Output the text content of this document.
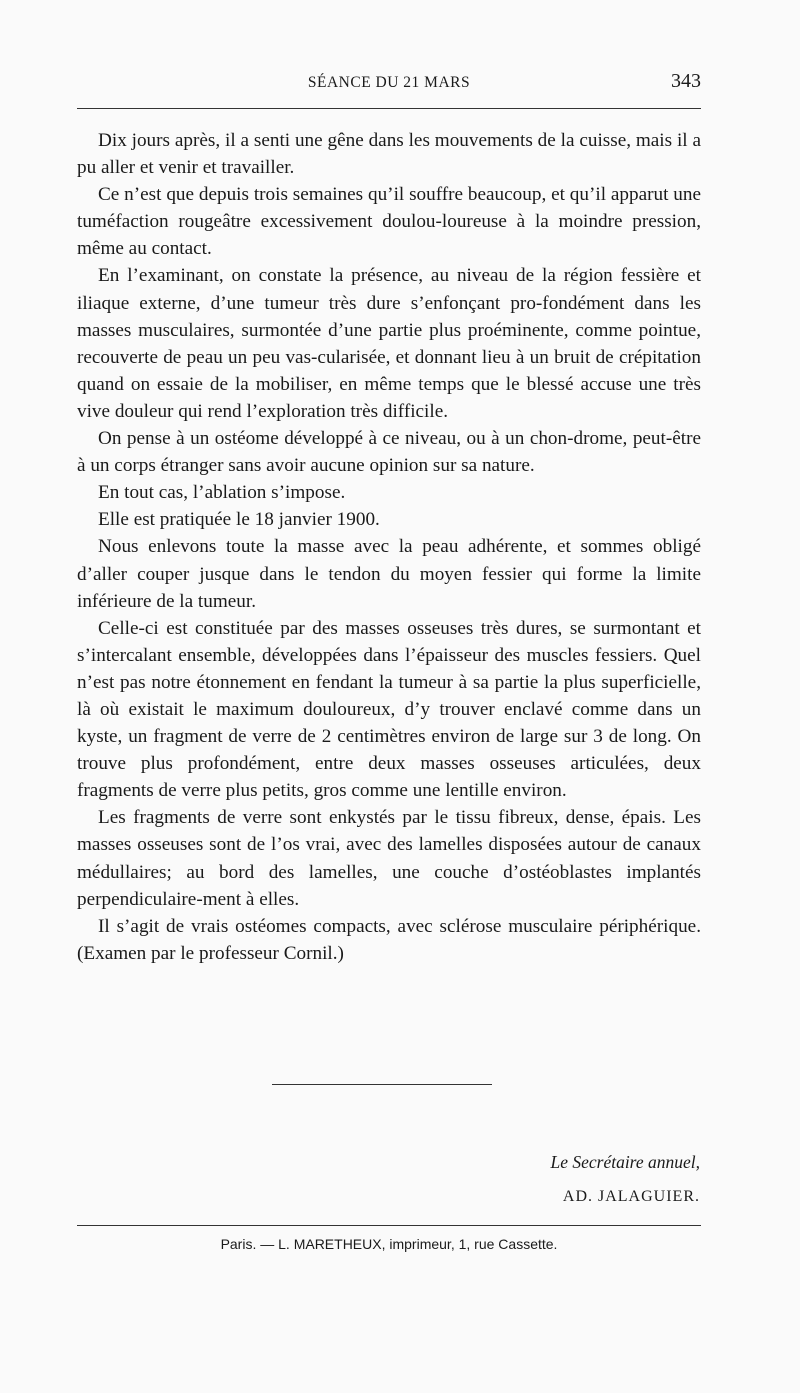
SÉANCE DU 21 MARS	343

Dix jours après, il a senti une gêne dans les mouvements de la cuisse, mais il a pu aller et venir et travailler.

Ce n’est que depuis trois semaines qu’il souffre beaucoup, et qu’il apparut une tuméfaction rougeâtre excessivement doulou-loureuse à la moindre pression, même au contact.

En l’examinant, on constate la présence, au niveau de la région fessière et iliaque externe, d’une tumeur très dure s’enfonçant pro-fondément dans les masses musculaires, surmontée d’une partie plus proéminente, comme pointue, recouverte de peau un peu vas-cularisée, et donnant lieu à un bruit de crépitation quand on essaie de la mobiliser, en même temps que le blessé accuse une très vive douleur qui rend l’exploration très difficile.

On pense à un ostéome développé à ce niveau, ou à un chon-drome, peut-être à un corps étranger sans avoir aucune opinion sur sa nature.

En tout cas, l’ablation s’impose.

Elle est pratiquée le 18 janvier 1900.

Nous enlevons toute la masse avec la peau adhérente, et sommes obligé d’aller couper jusque dans le tendon du moyen fessier qui forme la limite inférieure de la tumeur.

Celle-ci est constituée par des masses osseuses très dures, se surmontant et s’intercalant ensemble, développées dans l’épaisseur des muscles fessiers. Quel n’est pas notre étonnement en fendant la tumeur à sa partie la plus superficielle, là où existait le maximum douloureux, d’y trouver enclavé comme dans un kyste, un fragment de verre de 2 centimètres environ de large sur 3 de long. On trouve plus profondément, entre deux masses osseuses articulées, deux fragments de verre plus petits, gros comme une lentille environ.

Les fragments de verre sont enkystés par le tissu fibreux, dense, épais. Les masses osseuses sont de l’os vrai, avec des lamelles disposées autour de canaux médullaires; au bord des lamelles, une couche d’ostéoblastes implantés perpendiculaire-ment à elles.

Il s’agit de vrais ostéomes compacts, avec sclérose musculaire périphérique. (Examen par le professeur Cornil.)

Le Secrétaire annuel,
AD. JALAGUIER.
Paris. — L. MARETHEUX, imprimeur, 1, rue Cassette.
